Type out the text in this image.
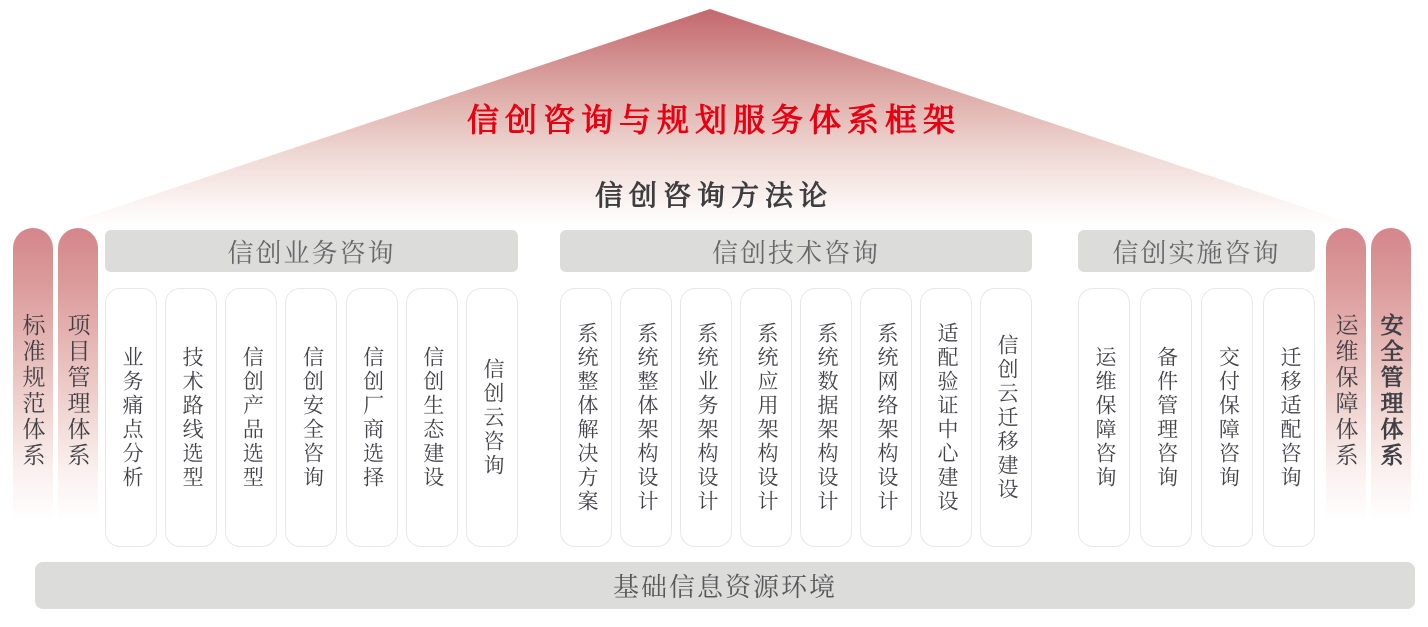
信创咨询与规划服务体系框架
信创咨询方法论
标准规范体系 项目管理体系	运维保障体系 安全管理体系
信创业务咨询	信创技术咨询	信创实施咨询
业务痛点分析 技术路线选型 信创产品选型 信创安全咨询 信创厂商选择 信创生态建设 信创云咨询	系统整体解决方案 系统整体架构设计 系统业务架构设计 系统应用架构设计 系统数据架构设计 系统网络架构设计 适配验证中心建设 信创云迁移建设	运维保障咨询 备件管理咨询 交付保障咨询 迁移适配咨询
基础信息资源环境
